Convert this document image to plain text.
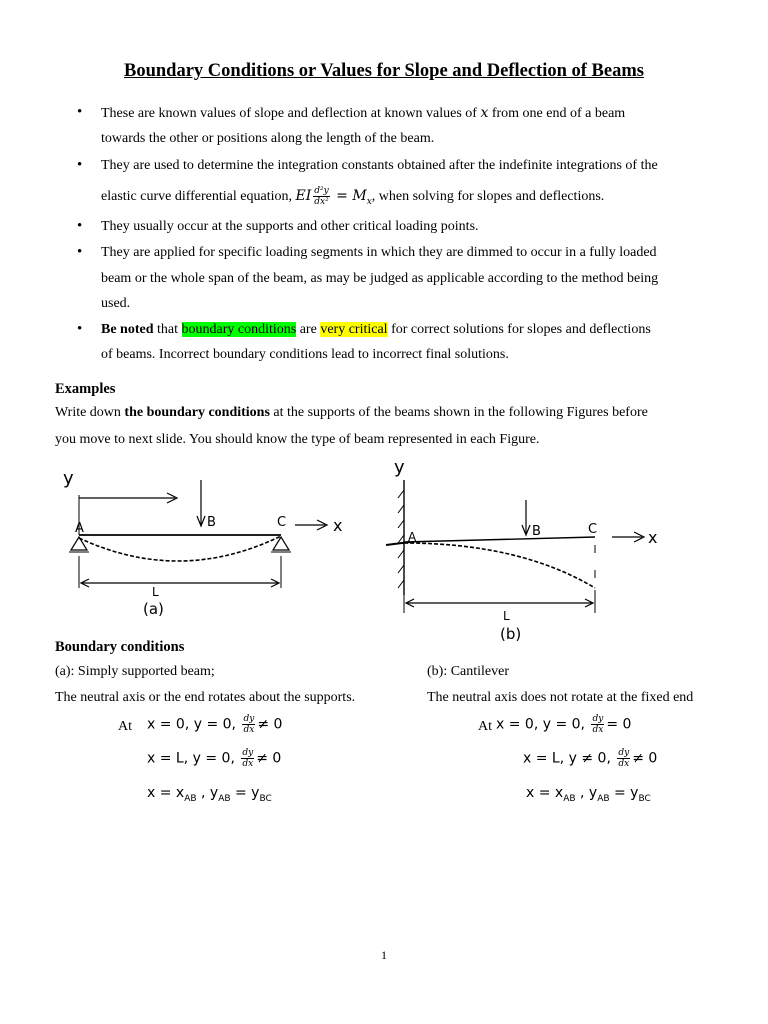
Boundary Conditions or Values for Slope and Deflection of Beams
• These are known values of slope and deflection at known values of x from one end of a beam
towards the other or positions along the length of the beam.
• They are used to determine the integration constants obtained after the indefinite integrations of the
elastic curve differential equation, EI $\frac{\text{d²y}}{\text{dx²}} = M_x$, when solving for slopes and deflections.
• They usually occur at the supports and other critical loading points.
• They are applied for specific loading segments in which they are dimmed to occur in a fully loaded
beam or the whole span of the beam, as may be judged as applicable according to the method being
used.
• Be noted that boundary conditions are very critical for correct solutions for slopes and deflections
of beams. Incorrect boundary conditions lead to incorrect final solutions.
Examples
Write down the boundary conditions at the supports of the beams shown in the following Figures before
you move to next slide. You should know the type of beam represented in each Figure.
y
A	B	C	x
L
(a)
y
A	B	C	x
L
(b)
Boundary conditions
(a): Simply supported beam;
The neutral axis or the end rotates about the supports.
(b): Cantilever
The neutral axis does not rotate at the fixed end
At x = 0, y = 0, $\frac{dy}{dx} \ne 0$
x = L, y = 0, $\frac{dy}{dx} \ne 0$
$x = x_{AB}$ , $y_{AB} = y_{BC}$
At x = 0, y = 0, $\frac{dy}{dx} = 0$
x = L, y ≠ 0, $\frac{dy}{dx} \ne 0$
$x = x_{AB}$ , $y_{AB} = y_{BC}$
1
